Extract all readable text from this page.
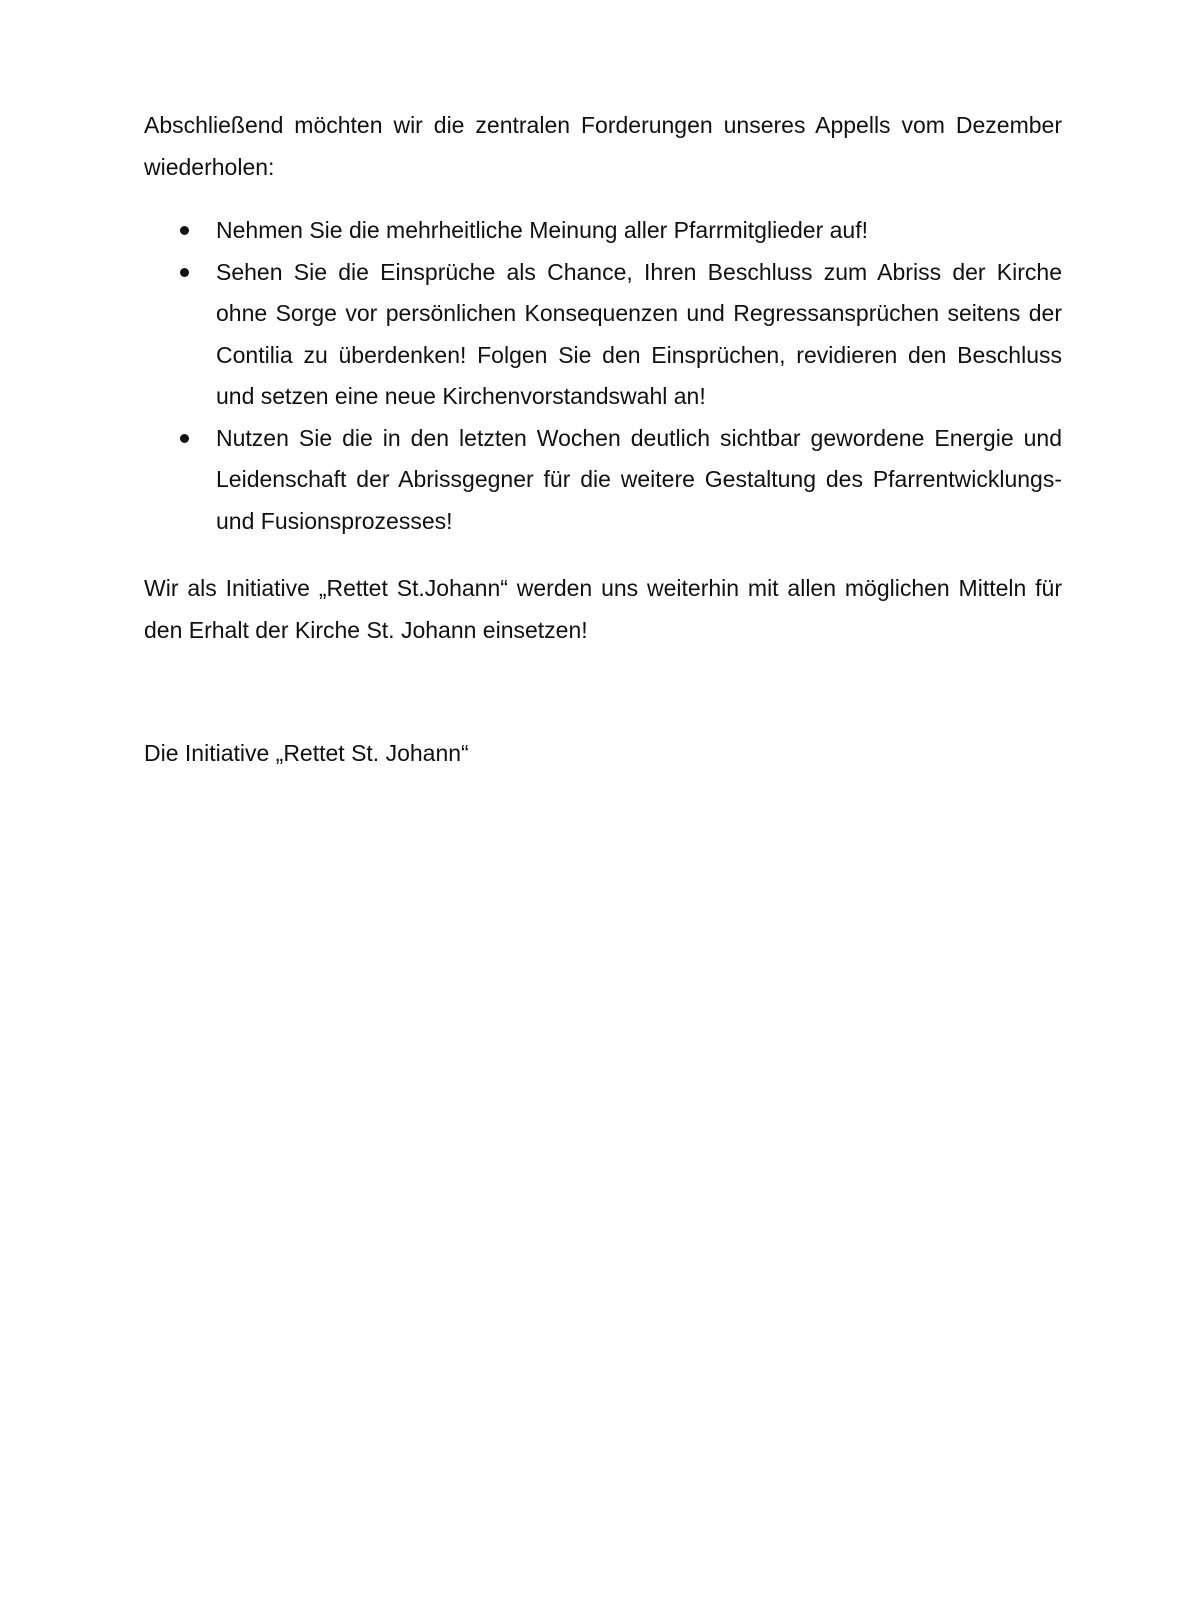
Abschließend möchten wir die zentralen Forderungen unseres Appells vom Dezember wiederholen:

Nehmen Sie die mehrheitliche Meinung aller Pfarrmitglieder auf!
Sehen Sie die Einsprüche als Chance, Ihren Beschluss zum Abriss der Kirche ohne Sorge vor persönlichen Konsequenzen und Regressansprüchen seitens der Contilia zu überdenken! Folgen Sie den Einsprüchen, revidieren den Beschluss und setzen eine neue Kirchenvorstandswahl an!
Nutzen Sie die in den letzten Wochen deutlich sichtbar gewordene Energie und Leidenschaft der Abrissgegner für die weitere Gestaltung des Pfarrentwicklungs- und Fusionsprozesses!

Wir als Initiative „Rettet St.Johann“ werden uns weiterhin mit allen möglichen Mitteln für den Erhalt der Kirche St. Johann einsetzen!

Die Initiative „Rettet St. Johann“
